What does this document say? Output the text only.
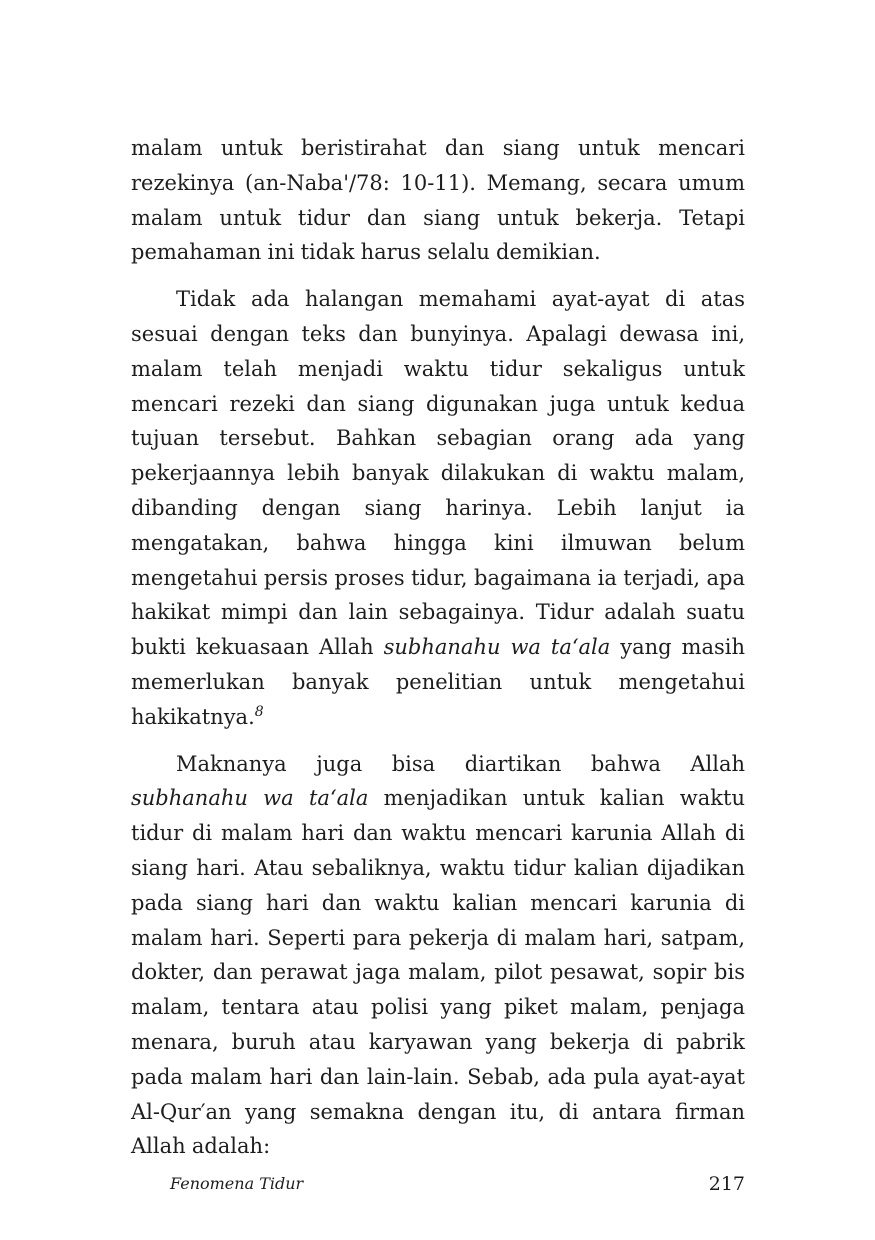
malam untuk beristirahat dan siang untuk mencari rezekinya (an-Naba'/78: 10-11). Memang, secara umum malam untuk tidur dan siang untuk bekerja. Tetapi pemahaman ini tidak harus selalu demikian.

Tidak ada halangan memahami ayat-ayat di atas sesuai dengan teks dan bunyinya. Apalagi dewasa ini, malam telah menjadi waktu tidur sekaligus untuk mencari rezeki dan siang digunakan juga untuk kedua tujuan tersebut. Bahkan sebagian orang ada yang pekerjaannya lebih banyak dilakukan di waktu malam, dibanding dengan siang harinya. Lebih lanjut ia mengatakan, bahwa hingga kini ilmuwan belum mengetahui persis proses tidur, bagaimana ia terjadi, apa hakikat mimpi dan lain sebagainya. Tidur adalah suatu bukti kekuasaan Allah subhanahu wa ta‘ala yang masih memerlukan banyak penelitian untuk mengetahui hakikatnya.$^8$

Maknanya juga bisa diartikan bahwa Allah subhanahu wa ta‘ala menjadikan untuk kalian waktu tidur di malam hari dan waktu mencari karunia Allah di siang hari. Atau sebaliknya, waktu tidur kalian dijadikan pada siang hari dan waktu kalian mencari karunia di malam hari. Seperti para pekerja di malam hari, satpam, dokter, dan perawat jaga malam, pilot pesawat, sopir bis malam, tentara atau polisi yang piket malam, penjaga menara, buruh atau karyawan yang bekerja di pabrik pada malam hari dan lain-lain. Sebab, ada pula ayat-ayat Al-Qur′an yang semakna dengan itu, di antara firman Allah adalah:

Fenomena Tidur	217
